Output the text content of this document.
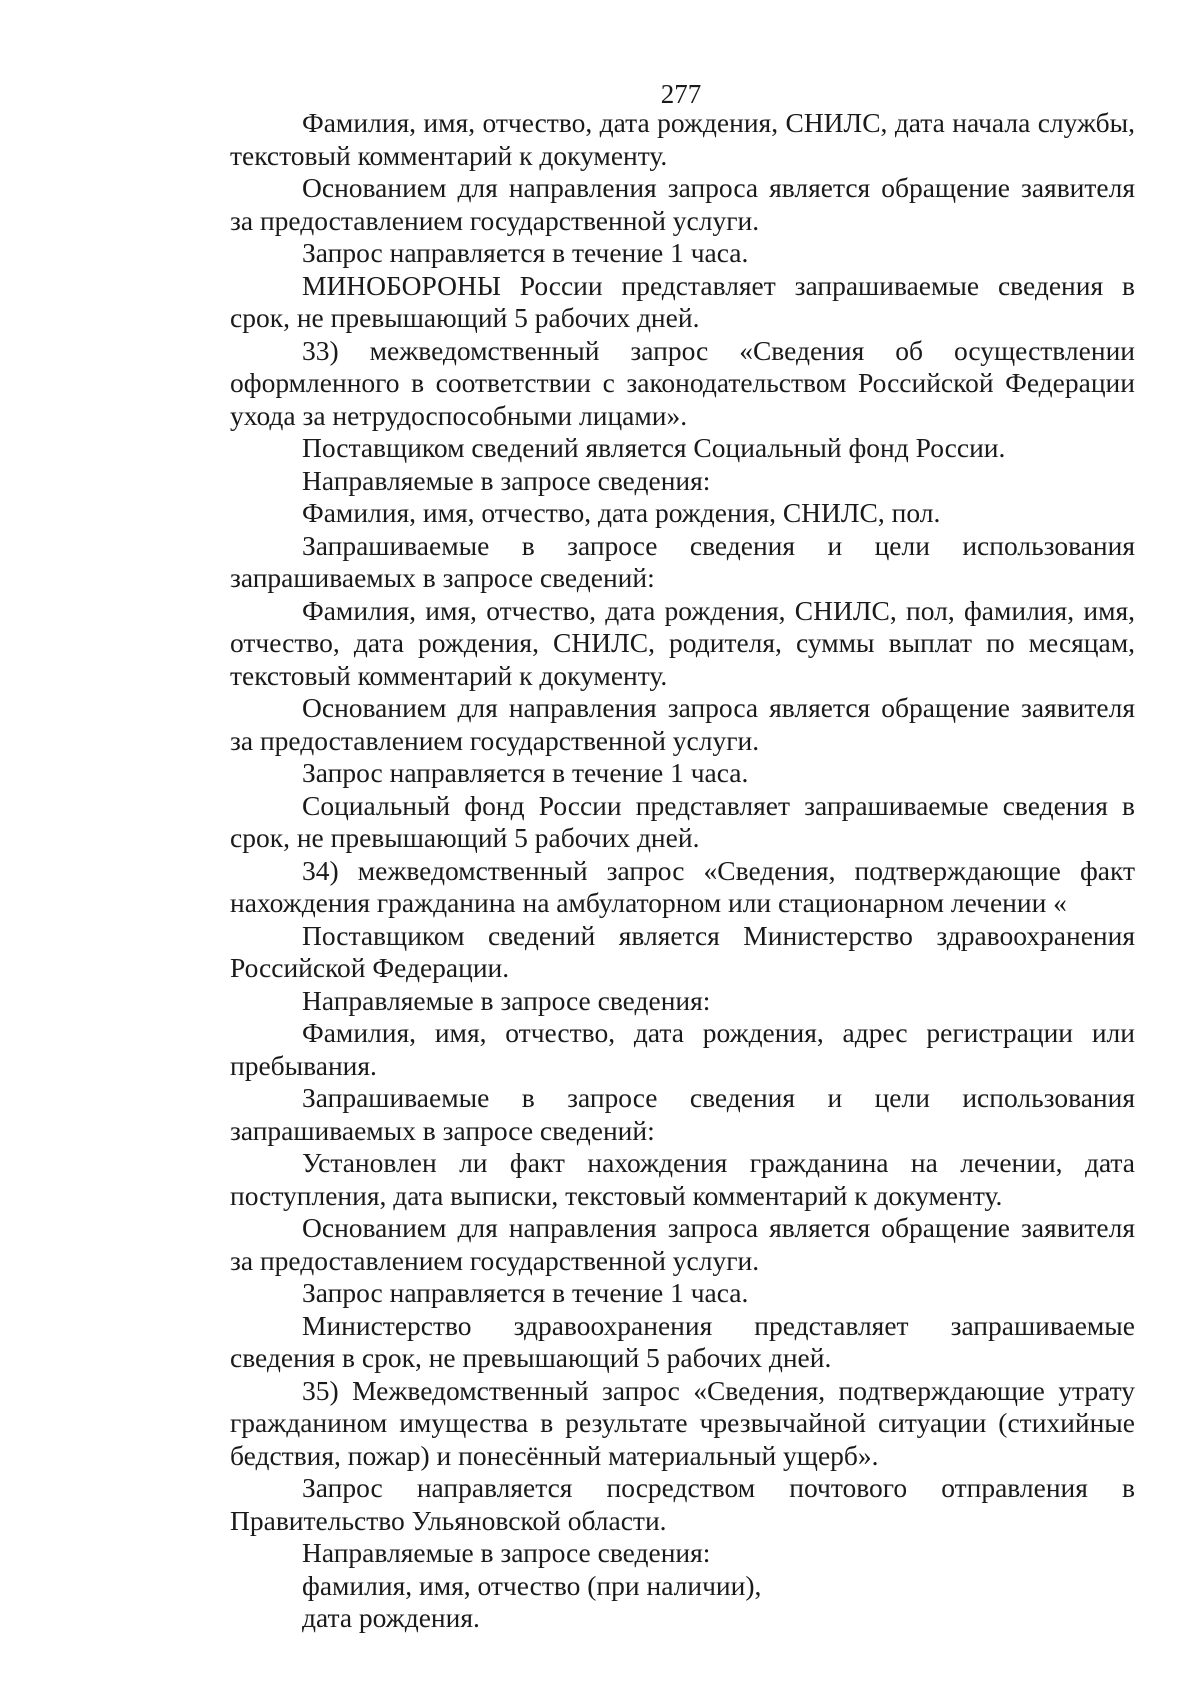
277

Фамилия, имя, отчество, дата рождения, СНИЛС, дата начала службы, текстовый комментарий к документу.

Основанием для направления запроса является обращение заявителя за предоставлением государственной услуги.

Запрос направляется в течение 1 часа.

МИНОБОРОНЫ России представляет запрашиваемые сведения в срок, не превышающий 5 рабочих дней.

33) межведомственный запрос «Сведения об осуществлении оформленного в соответствии с законодательством Российской Федерации ухода за нетрудоспособными лицами».

Поставщиком сведений является Социальный фонд России.

Направляемые в запросе сведения:

Фамилия, имя, отчество, дата рождения, СНИЛС, пол.

Запрашиваемые в запросе сведения и цели использования запрашиваемых в запросе сведений:

Фамилия, имя, отчество, дата рождения, СНИЛС, пол, фамилия, имя, отчество, дата рождения, СНИЛС, родителя, суммы выплат по месяцам, текстовый комментарий к документу.

Основанием для направления запроса является обращение заявителя за предоставлением государственной услуги.

Запрос направляется в течение 1 часа.

Социальный фонд России представляет запрашиваемые сведения в срок, не превышающий 5 рабочих дней.

34) межведомственный запрос «Сведения, подтверждающие факт нахождения гражданина на амбулаторном или стационарном лечении «

Поставщиком сведений является Министерство здравоохранения Российской Федерации.

Направляемые в запросе сведения:

Фамилия, имя, отчество, дата рождения, адрес регистрации или пребывания.

Запрашиваемые в запросе сведения и цели использования запрашиваемых в запросе сведений:

Установлен ли факт нахождения гражданина на лечении, дата поступления, дата выписки, текстовый комментарий к документу.

Основанием для направления запроса является обращение заявителя за предоставлением государственной услуги.

Запрос направляется в течение 1 часа.

Министерство здравоохранения представляет запрашиваемые сведения в срок, не превышающий 5 рабочих дней.

35) Межведомственный запрос «Сведения, подтверждающие утрату гражданином имущества в результате чрезвычайной ситуации (стихийные бедствия, пожар) и понесённый материальный ущерб».

Запрос направляется посредством почтового отправления в Правительство Ульяновской области.

Направляемые в запросе сведения:

фамилия, имя, отчество (при наличии),

дата рождения.
